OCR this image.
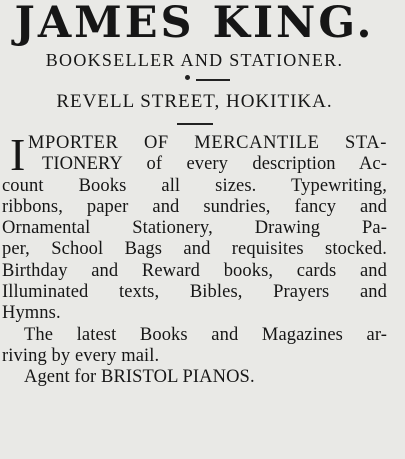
JAMES KING.
BOOKSELLER AND STATIONER.
REVELL STREET, HOKITIKA.
I MPORTER OF MERCANTILE STA-
TIONERY of every description Ac-
count Books all sizes. Typewriting,
ribbons, paper and sundries, fancy and
Ornamental Stationery, Drawing Pa-
per, School Bags and requisites stocked.
Birthday and Reward books, cards and
Illuminated texts, Bibles, Prayers and
Hymns.
The latest Books and Magazines ar-
riving by every mail.
Agent for BRISTOL PIANOS.
